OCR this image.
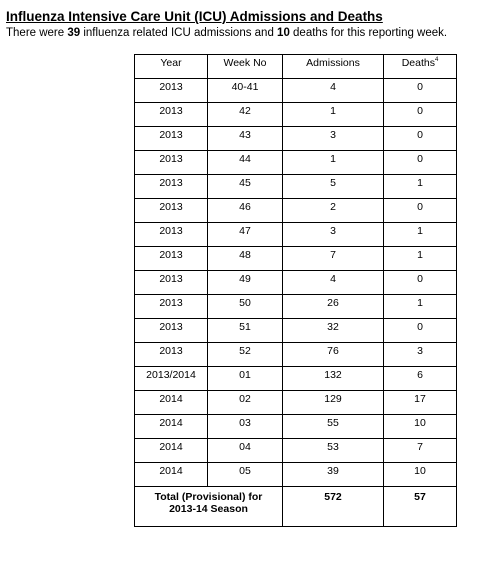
Influenza Intensive Care Unit (ICU) Admissions and Deaths
There were 39 influenza related ICU admissions and 10 deaths for this reporting week.
Year	Week No	Admissions	Deaths$^4$
2013	40-41	4	0
2013	42	1	0
2013	43	3	0
2013	44	1	0
2013	45	5	1
2013	46	2	0
2013	47	3	1
2013	48	7	1
2013	49	4	0
2013	50	26	1
2013	51	32	0
2013	52	76	3
2013/2014	01	132	6
2014	02	129	17
2014	03	55	10
2014	04	53	7
2014	05	39	10
Total (Provisional) for
2013-14 Season		572	57
